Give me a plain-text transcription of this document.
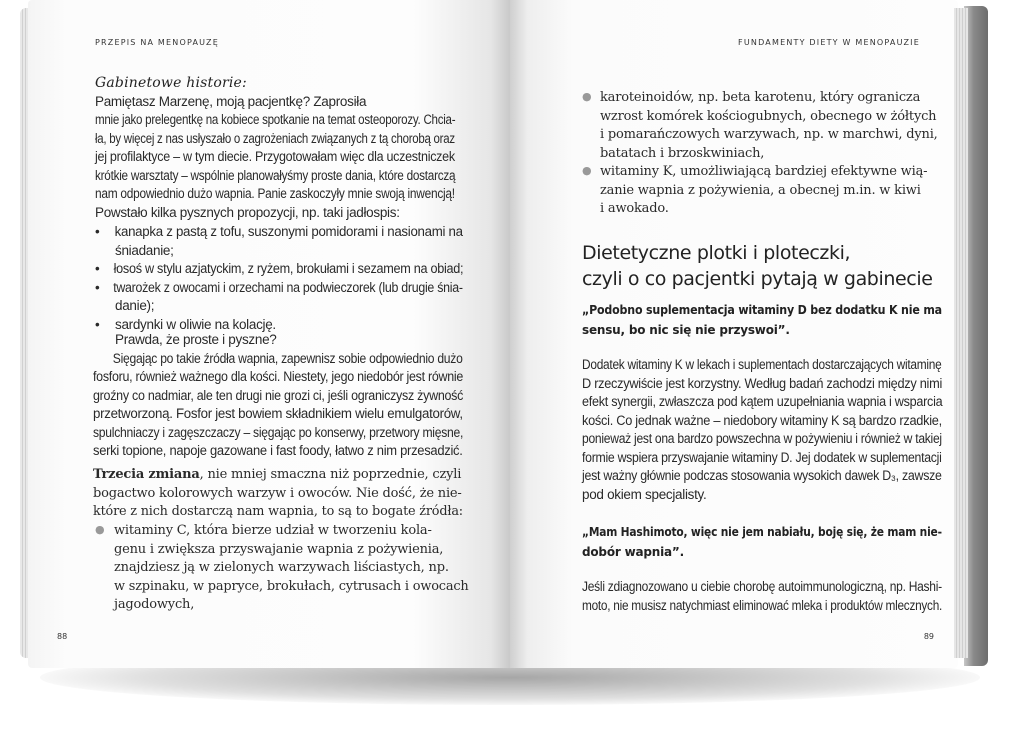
PRZEPIS NA MENOPAUZĘ
Gabinetowe historie:
Pamiętasz Marzenę, moją pacjentkę? Zaprosiła
mnie jako prelegentkę na kobiece spotkanie na temat osteoporozy. Chcia-
ła, by więcej z nas usłyszało o zagrożeniach związanych z tą chorobą oraz
jej profilaktyce – w tym diecie. Przygotowałam więc dla uczestniczek
krótkie warsztaty – wspólnie planowałyśmy proste dania, które dostarczą
nam odpowiednio dużo wapnia. Panie zaskoczyły mnie swoją inwencją!
Powstało kilka pysznych propozycji, np. taki jadłospis:
•	kanapka z pastą z tofu, suszonymi pomidorami i nasionami na
śniadanie;
•	łosoś w stylu azjatyckim, z ryżem, brokułami i sezamem na obiad;
•	twarożek z owocami i orzechami na podwieczorek (lub drugie śnia-
danie);
•	sardynki w oliwie na kolację.
Prawda, że proste i pyszne?
Sięgając po takie źródła wapnia, zapewnisz sobie odpowiednio dużo
fosforu, również ważnego dla kości. Niestety, jego niedobór jest równie
groźny co nadmiar, ale ten drugi nie grozi ci, jeśli ograniczysz żywność
przetworzoną. Fosfor jest bowiem składnikiem wielu emulgatorów,
spulchniaczy i zagęszczaczy – sięgając po konserwy, przetwory mięsne,
serki topione, napoje gazowane i fast foody, łatwo z nim przesadzić.
Trzecia zmiana, nie mniej smaczna niż poprzednie, czyli
bogactwo kolorowych warzyw i owoców. Nie dość, że nie-
które z nich dostarczą nam wapnia, to są to bogate źródła:
● witaminy C, która bierze udział w tworzeniu kola-
genu i zwiększa przyswajanie wapnia z pożywienia,
znajdziesz ją w zielonych warzywach liściastych, np.
w szpinaku, w papryce, brokułach, cytrusach i owocach
jagodowych,
88
FUNDAMENTY DIETY W MENOPAUZIE
● karoteinoidów, np. beta karotenu, który ogranicza
wzrost komórek kościogubnych, obecnego w żółtych
i pomarańczowych warzywach, np. w marchwi, dyni,
batatach i brzoskwiniach,
● witaminy K, umożliwiającą bardziej efektywne wią-
zanie wapnia z pożywienia, a obecnej m.in. w kiwi
i awokado.
Dietetyczne plotki i ploteczki,
czyli o co pacjentki pytają w gabinecie
„Podobno suplementacja witaminy D bez dodatku K nie ma
sensu, bo nic się nie przyswoi”.
Dodatek witaminy K w lekach i suplementach dostarczających witaminę
D rzeczywiście jest korzystny. Według badań zachodzi między nimi
efekt synergii, zwłaszcza pod kątem uzupełniania wapnia i wsparcia
kości. Co jednak ważne – niedobory witaminy K są bardzo rzadkie,
ponieważ jest ona bardzo powszechna w pożywieniu i również w takiej
formie wspiera przyswajanie witaminy D. Jej dodatek w suplementacji
jest ważny głównie podczas stosowania wysokich dawek D₃, zawsze
pod okiem specjalisty.
„Mam Hashimoto, więc nie jem nabiału, boję się, że mam nie-
dobór wapnia”.
Jeśli zdiagnozowano u ciebie chorobę autoimmunologiczną, np. Hashi-
moto, nie musisz natychmiast eliminować mleka i produktów mlecznych.
89
